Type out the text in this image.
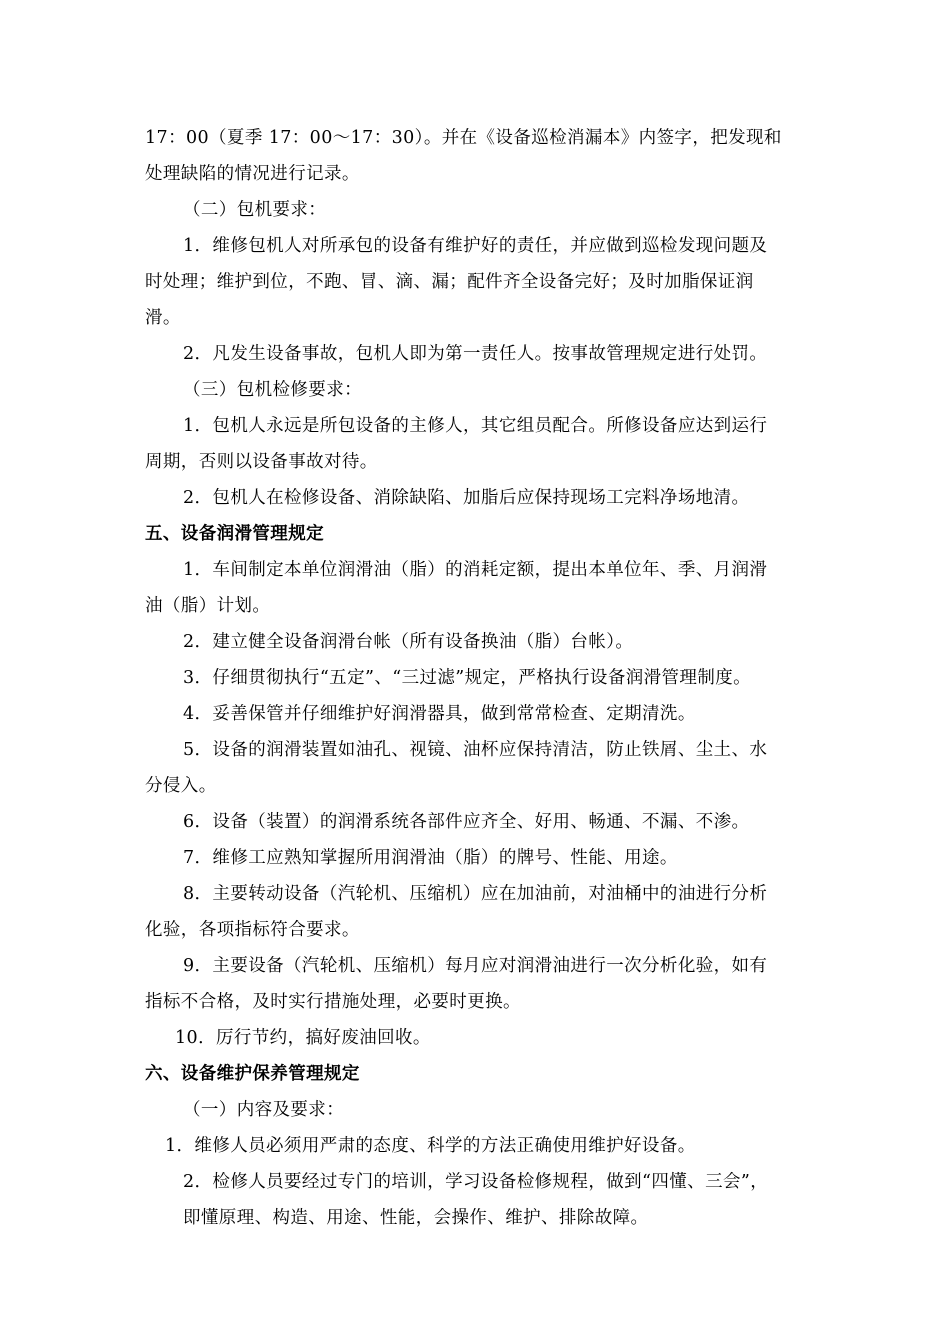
17：00（夏季 17：00～17：30）。并在《设备巡检消漏本》内签字，把发现和
处理缺陷的情况进行记录。
（二）包机要求：
1．维修包机人对所承包的设备有维护好的责任，并应做到巡检发现问题及
时处理；维护到位，不跑、冒、滴、漏；配件齐全设备完好；及时加脂保证润
滑。
2．凡发生设备事故，包机人即为第一责任人。按事故管理规定进行处罚。
（三）包机检修要求：
1．包机人永远是所包设备的主修人，其它组员配合。所修设备应达到运行
周期，否则以设备事故对待。
2．包机人在检修设备、消除缺陷、加脂后应保持现场工完料净场地清。
五、设备润滑管理规定
1．车间制定本单位润滑油（脂）的消耗定额，提出本单位年、季、月润滑
油（脂）计划。
2．建立健全设备润滑台帐（所有设备换油（脂）台帐）。
3．仔细贯彻执行“五定”、“三过滤”规定，严格执行设备润滑管理制度。
4．妥善保管并仔细维护好润滑器具，做到常常检查、定期清洗。
5．设备的润滑装置如油孔、视镜、油杯应保持清洁，防止铁屑、尘土、水
分侵入。
6．设备（装置）的润滑系统各部件应齐全、好用、畅通、不漏、不渗。
7．维修工应熟知掌握所用润滑油（脂）的牌号、性能、用途。
8．主要转动设备（汽轮机、压缩机）应在加油前，对油桶中的油进行分析
化验，各项指标符合要求。
9．主要设备（汽轮机、压缩机）每月应对润滑油进行一次分析化验，如有
指标不合格，及时实行措施处理，必要时更换。
10．厉行节约，搞好废油回收。
六、设备维护保养管理规定
（一）内容及要求：
1．维修人员必须用严肃的态度、科学的方法正确使用维护好设备。
2．检修人员要经过专门的培训，学习设备检修规程，做到“四懂、三会”，
即懂原理、构造、用途、性能，会操作、维护、排除故障。
